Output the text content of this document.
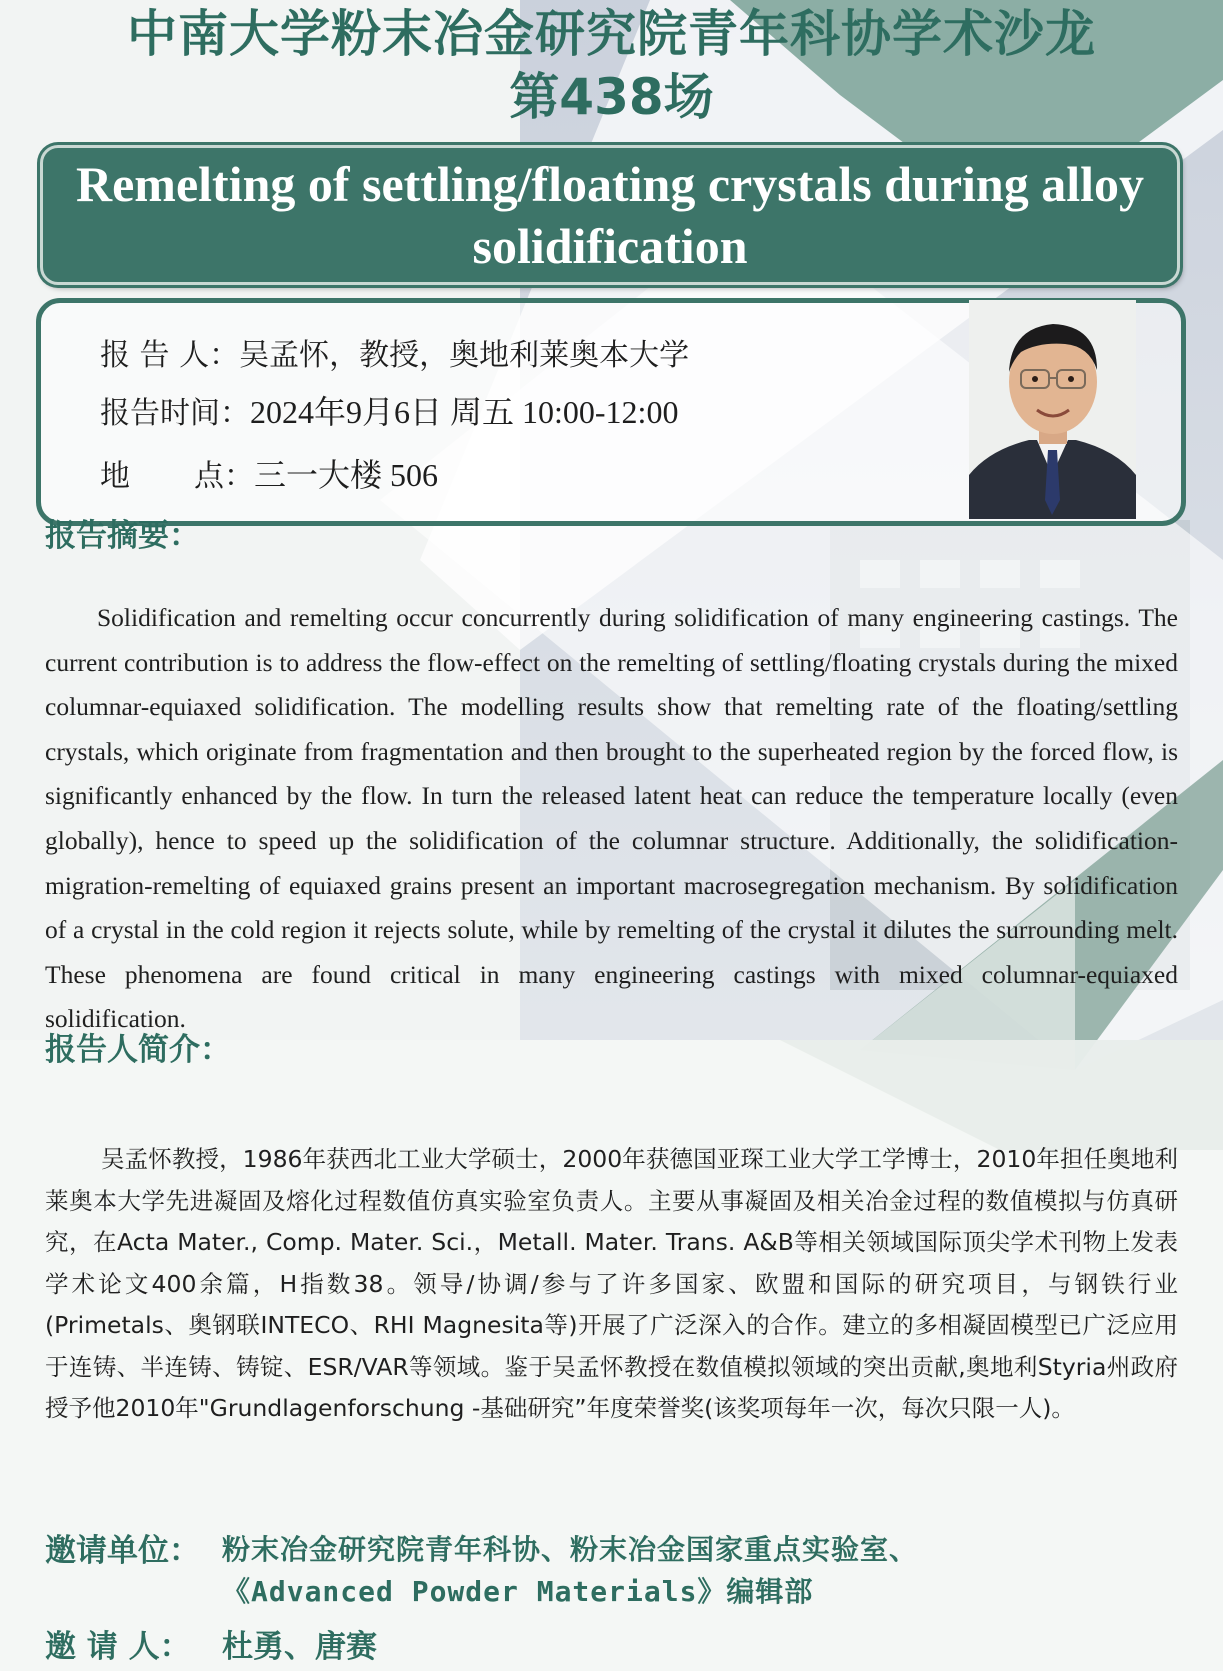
中南大学粉末冶金研究院青年科协学术沙龙
第438场
Remelting of settling/floating crystals during alloy
solidification
报 告 人：吴孟怀，教授，奥地利莱奥本大学
报告时间：2024年9月6日 周五 10:00-12:00
地 点：三一大楼 506
报告摘要：
Solidification and remelting occur concurrently during solidification of many engineering castings. The current contribution is to address the flow-effect on the remelting of settling/floating crystals during the mixed columnar-equiaxed solidification. The modelling results show that remelting rate of the floating/settling crystals, which originate from fragmentation and then brought to the superheated region by the forced flow, is significantly enhanced by the flow. In turn the released latent heat can reduce the temperature locally (even globally), hence to speed up the solidification of the columnar structure. Additionally, the solidification-migration-remelting of equiaxed grains present an important macrosegregation mechanism. By solidification of a crystal in the cold region it rejects solute, while by remelting of the crystal it dilutes the surrounding melt. These phenomena are found critical in many engineering castings with mixed columnar-equiaxed solidification.
报告人简介：
吴孟怀教授，1986年获西北工业大学硕士，2000年获德国亚琛工业大学工学博士，2010年担任奥地利莱奥本大学先进凝固及熔化过程数值仿真实验室负责人。主要从事凝固及相关冶金过程的数值模拟与仿真研究，在Acta Mater., Comp. Mater. Sci.，Metall. Mater. Trans. A&B等相关领域国际顶尖学术刊物上发表学术论文400余篇，H指数38。领导/协调/参与了许多国家、欧盟和国际的研究项目，与钢铁行业(Primetals、奥钢联INTECO、RHI Magnesita等)开展了广泛深入的合作。建立的多相凝固模型已广泛应用于连铸、半连铸、铸锭、ESR/VAR等领域。鉴于吴孟怀教授在数值模拟领域的突出贡献,奥地利Styria州政府授予他2010年"Grundlagenforschung -基础研究”年度荣誉奖(该奖项每年一次，每次只限一人)。
邀请单位： 粉末冶金研究院青年科协、粉末冶金国家重点实验室、
《Advanced Powder Materials》编辑部
邀 请 人： 杜勇、唐赛
